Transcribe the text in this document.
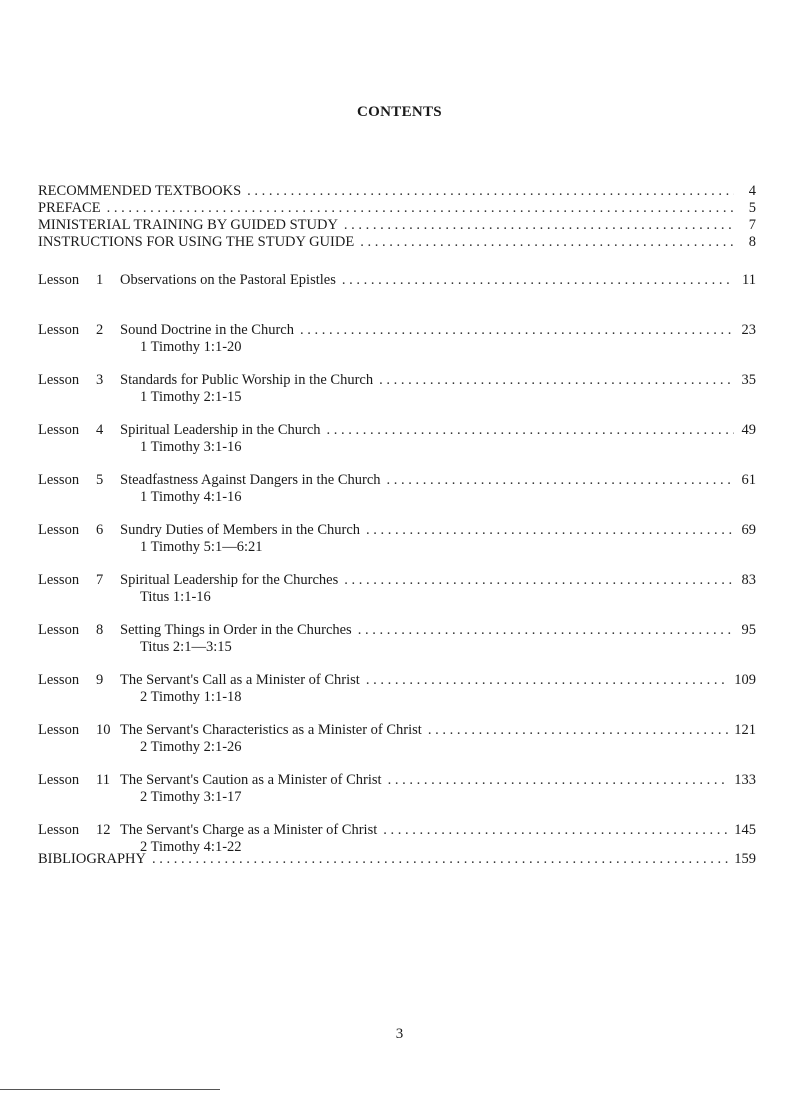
CONTENTS
RECOMMENDED TEXTBOOKS . . .	4
PREFACE . . .	5
MINISTERIAL TRAINING BY GUIDED STUDY . . .	7
INSTRUCTIONS FOR USING THE STUDY GUIDE . . .	8
Lesson 1	Observations on the Pastoral Epistles . . .	11
Lesson 2	Sound Doctrine in the Church . . .	23
1 Timothy 1:1-20
Lesson 3	Standards for Public Worship in the Church . . .	35
1 Timothy 2:1-15
Lesson 4	Spiritual Leadership in the Church . . .	49
1 Timothy 3:1-16
Lesson 5	Steadfastness Against Dangers in the Church . . .	61
1 Timothy 4:1-16
Lesson 6	Sundry Duties of Members in the Church . . .	69
1 Timothy 5:1—6:21
Lesson 7	Spiritual Leadership for the Churches . . .	83
Titus 1:1-16
Lesson 8	Setting Things in Order in the Churches . . .	95
Titus 2:1—3:15
Lesson 9	The Servant's Call as a Minister of Christ . . .	109
2 Timothy 1:1-18
Lesson 10 The Servant's Characteristics as a Minister of Christ . . .	121
2 Timothy 2:1-26
Lesson 11 The Servant's Caution as a Minister of Christ . . .	133
2 Timothy 3:1-17
Lesson 12 The Servant's Charge as a Minister of Christ . . .	145
2 Timothy 4:1-22
BIBLIOGRAPHY . . .	159
3
